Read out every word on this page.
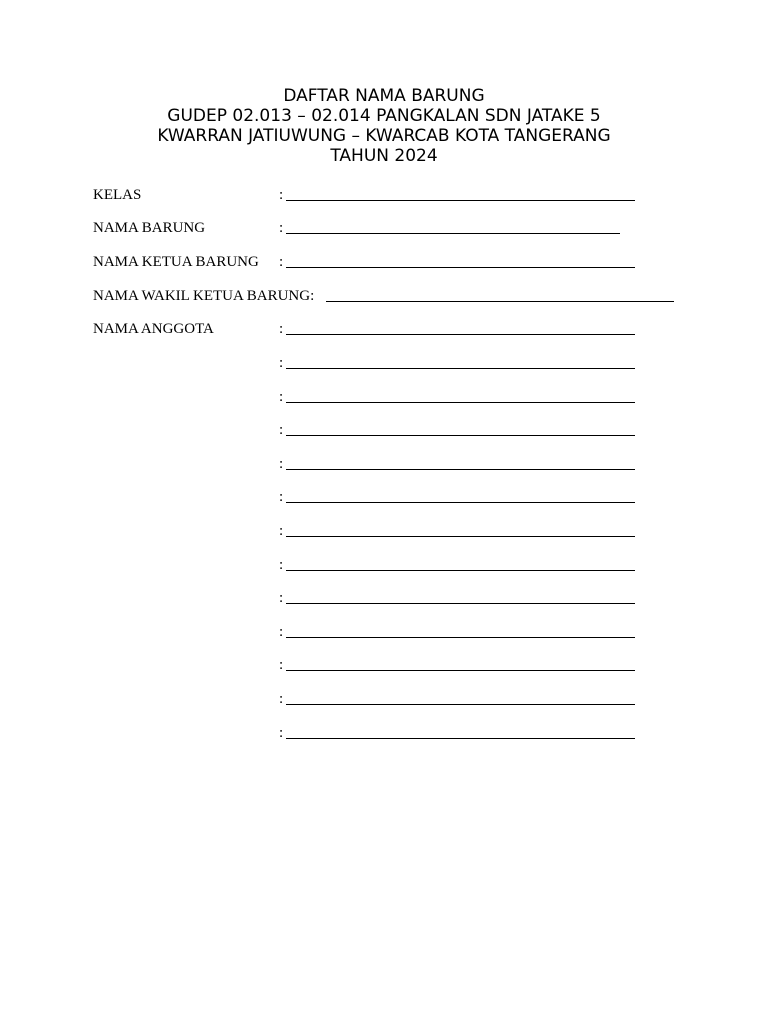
DAFTAR NAMA BARUNG
GUDEP 02.013 – 02.014 PANGKALAN SDN JATAKE 5
KWARRAN JATIUWUNG – KWARCAB KOTA TANGERANG
TAHUN 2024
KELAS	:
NAMA BARUNG	:
NAMA KETUA BARUNG :
NAMA WAKIL KETUA BARUNG:
NAMA ANGGOTA	:
:
:
:
:
:
:
:
:
:
:
:
:
